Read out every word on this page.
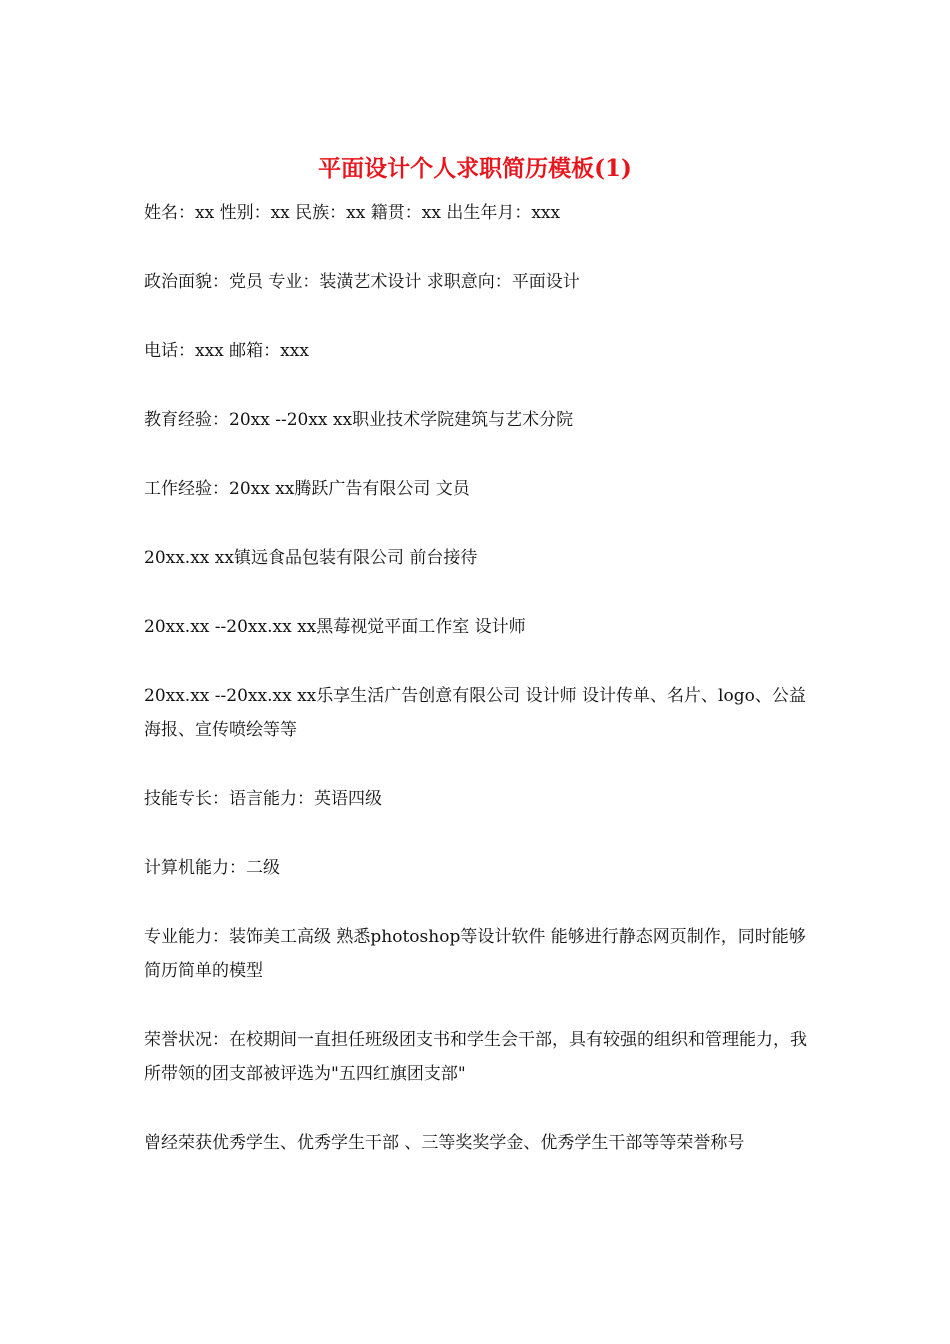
平面设计个人求职简历模板(1)

姓名：xx 性别：xx 民族：xx 籍贯：xx 出生年月：xxx

政治面貌：党员 专业：装潢艺术设计 求职意向：平面设计

电话：xxx 邮箱：xxx

教育经验：20xx --20xx xx职业技术学院建筑与艺术分院

工作经验：20xx xx腾跃广告有限公司 文员

20xx.xx xx镇远食品包装有限公司 前台接待

20xx.xx --20xx.xx xx黑莓视觉平面工作室 设计师

20xx.xx --20xx.xx xx乐享生活广告创意有限公司 设计师 设计传单、名片、logo、公益海报、宣传喷绘等等

技能专长：语言能力：英语四级

计算机能力：二级

专业能力：装饰美工高级 熟悉photoshop等设计软件 能够进行静态网页制作，同时能够简历简单的模型

荣誉状况：在校期间一直担任班级团支书和学生会干部，具有较强的组织和管理能力，我所带领的团支部被评选为"五四红旗团支部"

曾经荣获优秀学生、优秀学生干部 、三等奖奖学金、优秀学生干部等等荣誉称号
